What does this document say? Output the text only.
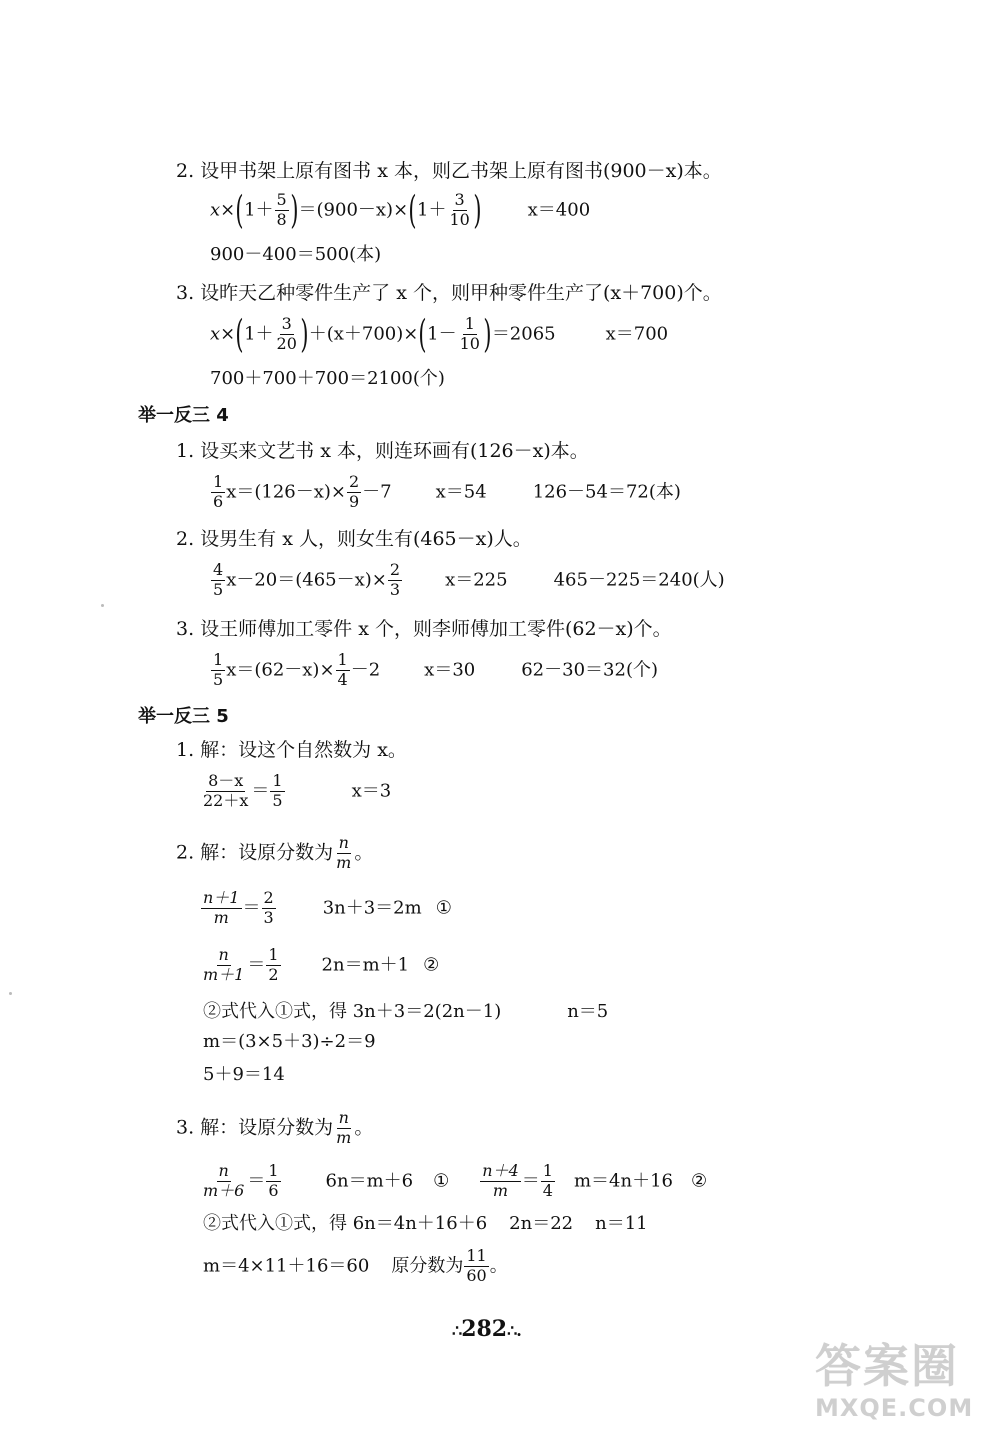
2. 设甲书架上原有图书 x 本，则乙书架上原有图书(900－x)本。
$x\times(1+ \frac{5}{8} )=(900-x)\times(1+ \frac{3}{10}$ )	x＝400
900－400＝500(本)
3. 设昨天乙种零件生产了 x 个，则甲种零件生产了(x＋700)个。
$x\times(1+ \frac{3}{20} )+(x+700)\times(1- \frac{1}{10} )=2065$	x＝700
700＋700＋700＝2100(个)
举一反三 4
1. 设买来文艺书 x 本，则连环画有(126－x)本。
$\frac{1}{6} x=(126-x)\times \frac{2}{9} -7$ x＝54	126－54＝72(本)
2. 设男生有 x 人，则女生有(465－x)人。
$\frac{4}{5} x-20=(465-x)\times \frac{2}{3} x=225$	465－225＝240(人)
3. 设王师傅加工零件 x 个，则李师傅加工零件(62－x)个。
$\frac{1}{5} x=(62-x)\times \frac{1}{4} -2$ x＝30	62－30＝32(个)
举一反三 5
1. 解：设这个自然数为 x。
$\frac{8-x}{22+x} = \frac{1}{5}$	x＝3
2. 解：设原分数为 $\frac{n}{m}$ 。
$\frac{n+1}{m} = \frac{2}{3}$	3n＋3＝2m ①
$\frac{n}{m+1} = \frac{1}{2} 2n=m+1$ ②
②式代入①式，得 3n＋3＝2(2n－1)	n＝5
m＝(3×5＋3)÷2＝9
5＋9＝14
3. 解：设原分数为 $\frac{n}{m}$ 。
$\frac{n}{m+6} = \frac{1}{6}$	6n＝m＋6 ① $\frac{n+4}{m} = \frac{1}{4} m=4n+16$ ②
②式代入①式，得 6n＝4n＋16＋6 2n＝22 n＝11
m＝4×11＋16＝60 原分数为 $\frac{11}{60}$ 。
∴282∴.
答案圈
MXQE.COM
